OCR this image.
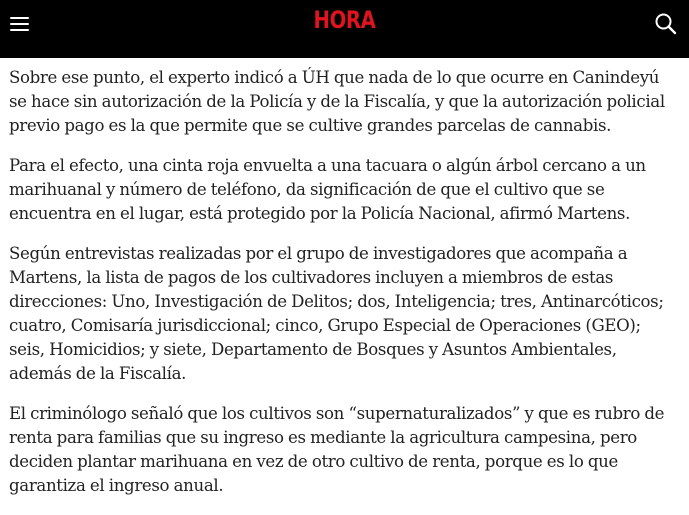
HORA

Sobre ese punto, el experto indicó a ÚH que nada de lo que ocurre en Canindeyú se hace sin autorización de la Policía y de la Fiscalía, y que la autorización policial previo pago es la que permite que se cultive grandes parcelas de cannabis.

Para el efecto, una cinta roja envuelta a una tacuara o algún árbol cercano a un marihuanal y número de teléfono, da significación de que el cultivo que se encuentra en el lugar, está protegido por la Policía Nacional, afirmó Martens.

Según entrevistas realizadas por el grupo de investigadores que acompaña a Martens, la lista de pagos de los cultivadores incluyen a miembros de estas direcciones: Uno, Investigación de Delitos; dos, Inteligencia; tres, Antinarcóticos; cuatro, Comisaría jurisdiccional; cinco, Grupo Especial de Operaciones (GEO); seis, Homicidios; y siete, Departamento de Bosques y Asuntos Ambientales, además de la Fiscalía.

El criminólogo señaló que los cultivos son “supernaturalizados” y que es rubro de renta para familias que su ingreso es mediante la agricultura campesina, pero deciden plantar marihuana en vez de otro cultivo de renta, porque es lo que garantiza el ingreso anual.
